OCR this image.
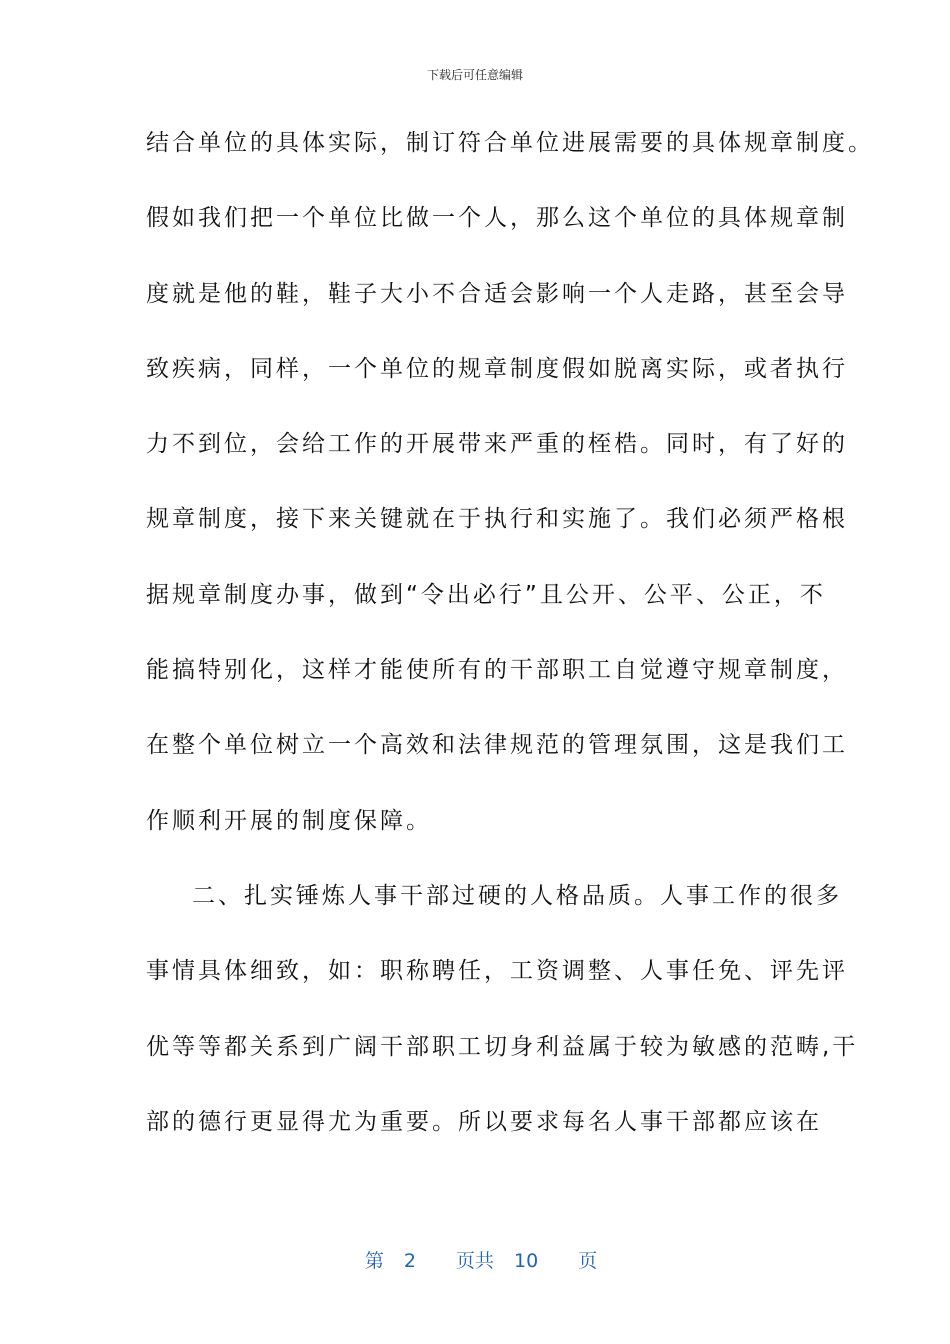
下载后可任意编辑
结合单位的具体实际，制订符合单位进展需要的具体规章制度。
假如我们把一个单位比做一个人，那么这个单位的具体规章制
度就是他的鞋，鞋子大小不合适会影响一个人走路，甚至会导
致疾病，同样，一个单位的规章制度假如脱离实际，或者执行
力不到位，会给工作的开展带来严重的桎梏。同时，有了好的
规章制度，接下来关键就在于执行和实施了。我们必须严格根
据规章制度办事，做到“令出必行”且公开、公平、公正，不
能搞特别化，这样才能使所有的干部职工自觉遵守规章制度，
在整个单位树立一个高效和法律规范的管理氛围，这是我们工
作顺利开展的制度保障。
二、扎实锤炼人事干部过硬的人格品质。人事工作的很多
事情具体细致，如：职称聘任，工资调整、人事任免、评先评
优等等都关系到广阔干部职工切身利益属于较为敏感的范畴,干
部的德行更显得尤为重要。所以要求每名人事干部都应该在

第 2 页共 10 页
